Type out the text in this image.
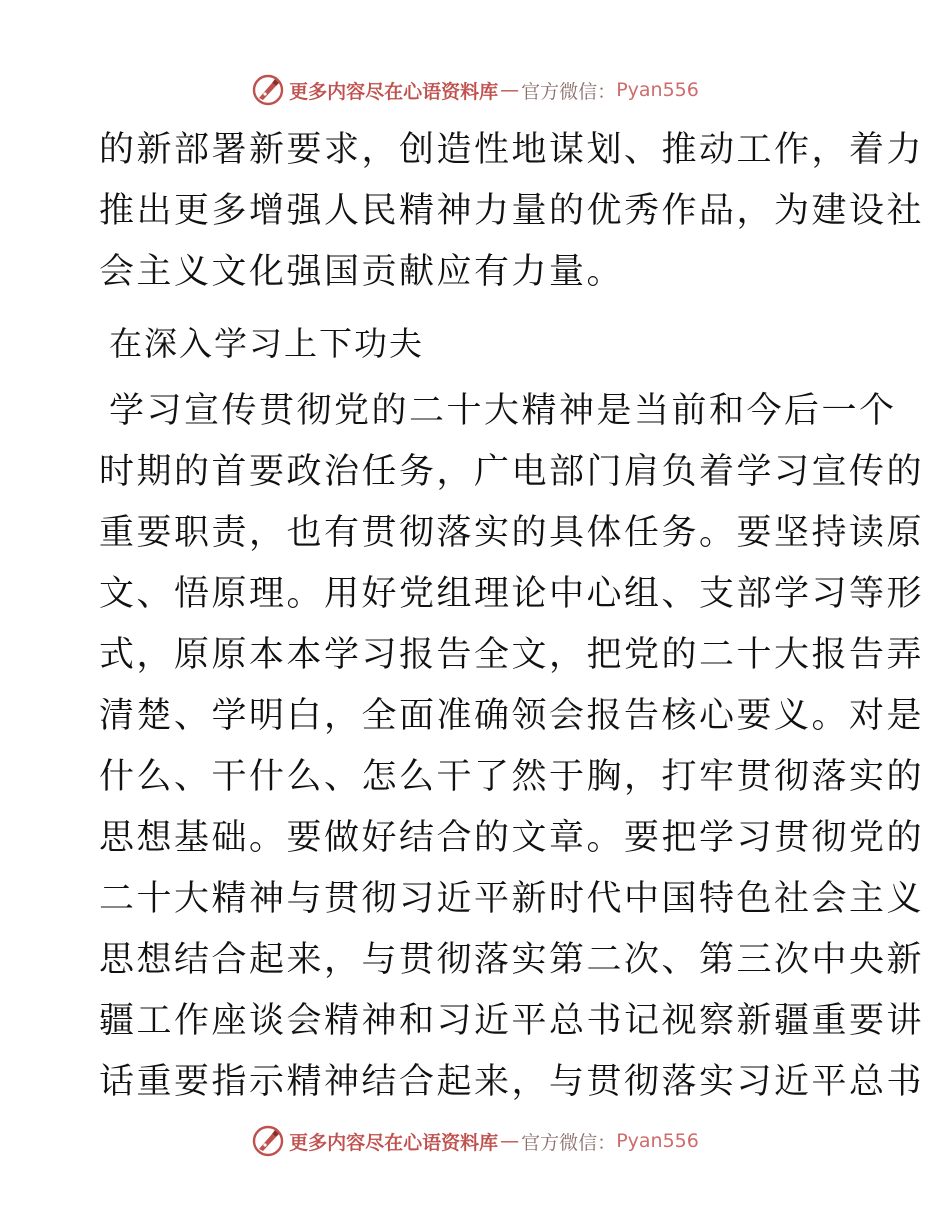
更多内容尽在心语资料库 — 官方微信： Pyan556
的新部署新要求，创造性地谋划、推动工作，着力
推出更多增强人民精神力量的优秀作品，为建设社
会主义文化强国贡献应有力量。
在深入学习上下功夫
学习宣传贯彻党的二十大精神是当前和今后一个
时期的首要政治任务，广电部门肩负着学习宣传的
重要职责，也有贯彻落实的具体任务。要坚持读原
文、悟原理。用好党组理论中心组、支部学习等形
式，原原本本学习报告全文，把党的二十大报告弄
清楚、学明白，全面准确领会报告核心要义。对是
什么、干什么、怎么干了然于胸，打牢贯彻落实的
思想基础。要做好结合的文章。要把学习贯彻党的
二十大精神与贯彻习近平新时代中国特色社会主义
思想结合起来，与贯彻落实第二次、第三次中央新
疆工作座谈会精神和习近平总书记视察新疆重要讲
话重要指示精神结合起来，与贯彻落实习近平总书
更多内容尽在心语资料库 — 官方微信： Pyan556
